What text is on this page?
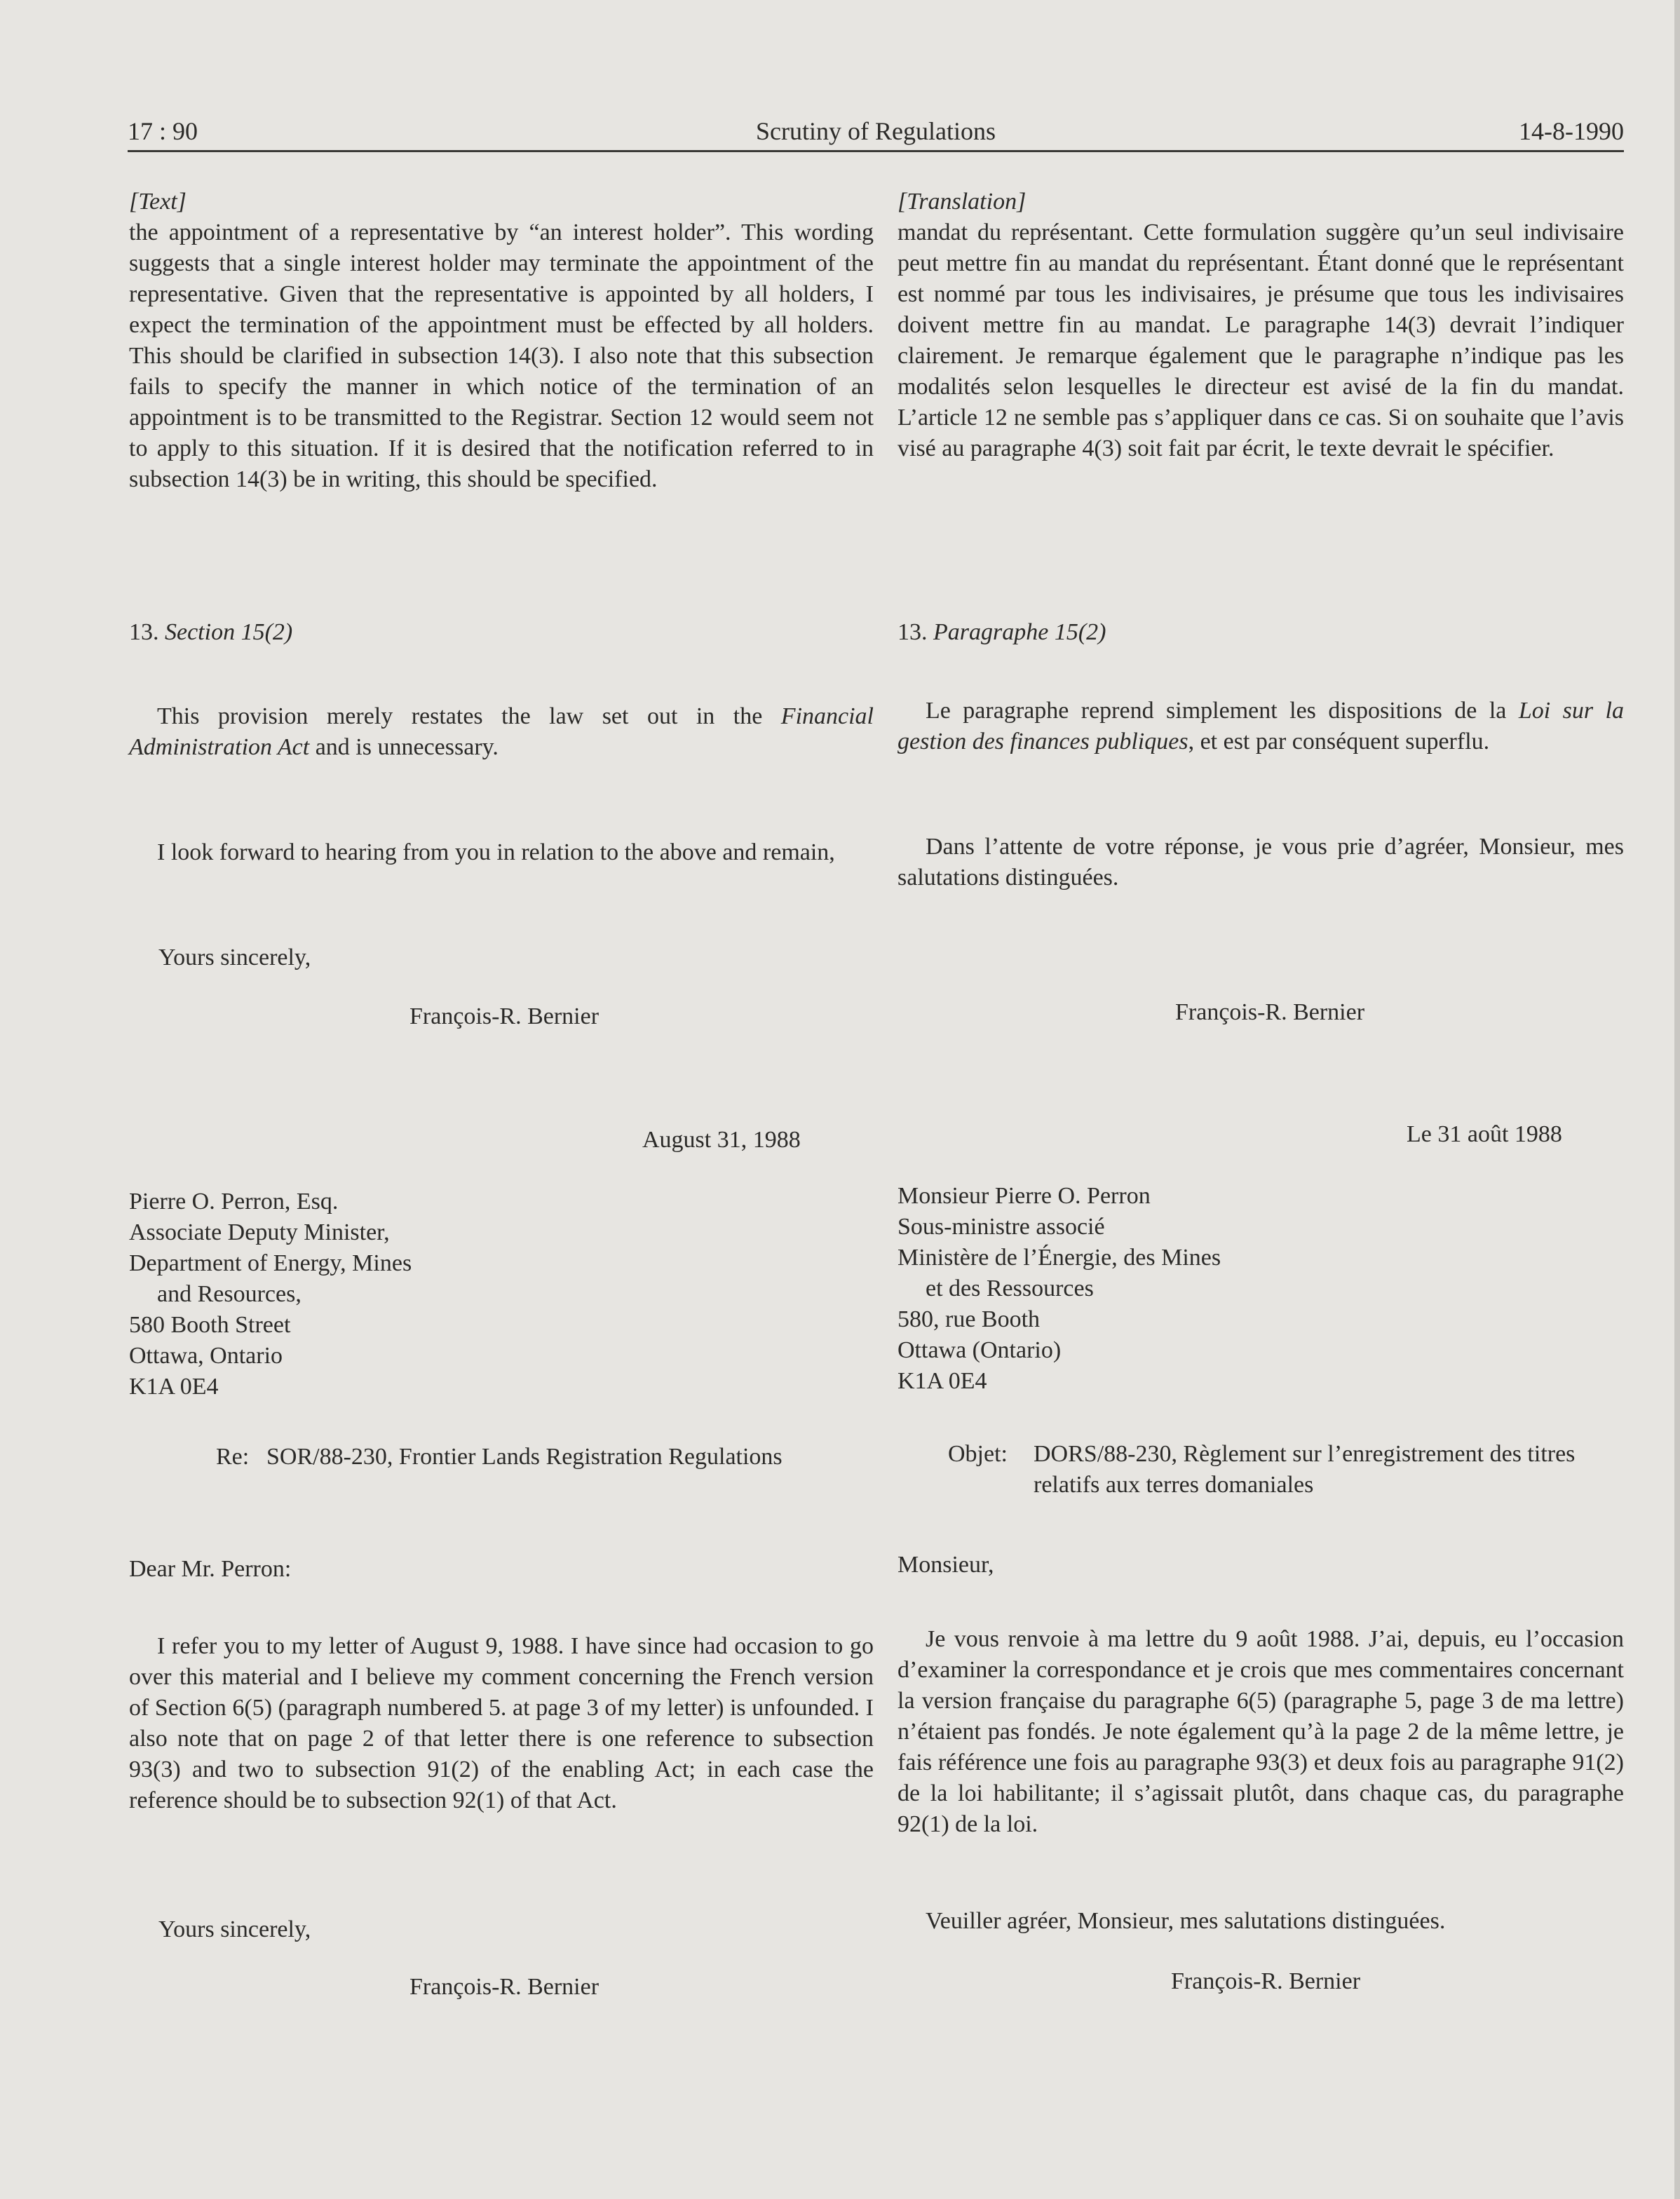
17 : 90	Scrutiny of Regulations	14-8-1990

[Text]

the appointment of a representative by “an interest holder”. This wording suggests that a single interest holder may terminate the appointment of the representative. Given that the representative is appointed by all holders, I expect the termination of the appointment must be effected by all holders. This should be clarified in subsection 14(3). I also note that this subsection fails to specify the manner in which notice of the termination of an appointment is to be transmitted to the Registrar. Section 12 would seem not to apply to this situation. If it is desired that the notification referred to in subsection 14(3) be in writing, this should be specified.

13. Section 15(2)

This provision merely restates the law set out in the Financial Administration Act and is unnecessary.

I look forward to hearing from you in relation to the above and remain,

Yours sincerely,

François-R. Bernier

August 31, 1988

Pierre O. Perron, Esq.
Associate Deputy Minister,
Department of Energy, Mines
and Resources,
580 Booth Street
Ottawa, Ontario
K1A 0E4
Re: SOR/88-230, Frontier Lands Registration Regulations

Dear Mr. Perron:

I refer you to my letter of August 9, 1988. I have since had occasion to go over this material and I believe my comment concerning the French version of Section 6(5) (paragraph numbered 5. at page 3 of my letter) is unfounded. I also note that on page 2 of that letter there is one reference to subsection 93(3) and two to subsection 91(2) of the enabling Act; in each case the reference should be to subsection 92(1) of that Act.

Yours sincerely,

François-R. Bernier

[Translation]

mandat du représentant. Cette formulation suggère qu’un seul indivisaire peut mettre fin au mandat du représentant. Étant donné que le représentant est nommé par tous les indivisaires, je présume que tous les indivisaires doivent mettre fin au mandat. Le paragraphe 14(3) devrait l’indiquer clairement. Je remarque également que le paragraphe n’indique pas les modalités selon lesquelles le directeur est avisé de la fin du mandat. L’article 12 ne semble pas s’appliquer dans ce cas. Si on souhaite que l’avis visé au paragraphe 4(3) soit fait par écrit, le texte devrait le spécifier.

13. Paragraphe 15(2)

Le paragraphe reprend simplement les dispositions de la Loi sur la gestion des finances publiques, et est par conséquent superflu.

Dans l’attente de votre réponse, je vous prie d’agréer, Monsieur, mes salutations distinguées.

François-R. Bernier

Le 31 août 1988

Monsieur Pierre O. Perron
Sous-ministre associé
Ministère de l’Énergie, des Mines
et des Ressources
580, rue Booth
Ottawa (Ontario)
K1A 0E4
Objet: DORS/88-230, Règlement sur l’enregistrement des titres relatifs aux terres domaniales

Monsieur,

Je vous renvoie à ma lettre du 9 août 1988. J’ai, depuis, eu l’occasion d’examiner la correspondance et je crois que mes commentaires concernant la version française du paragraphe 6(5) (paragraphe 5, page 3 de ma lettre) n’étaient pas fondés. Je note également qu’à la page 2 de la même lettre, je fais référence une fois au paragraphe 93(3) et deux fois au paragraphe 91(2) de la loi habilitante; il s’agissait plutôt, dans chaque cas, du paragraphe 92(1) de la loi.

Veuiller agréer, Monsieur, mes salutations distinguées.

François-R. Bernier
